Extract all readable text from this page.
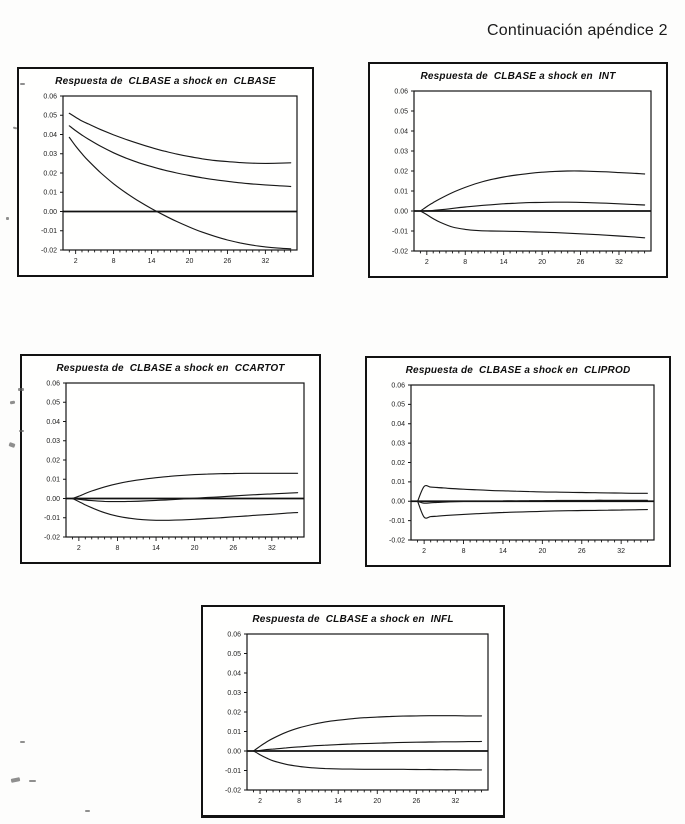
Continuación apéndice 2
Respuesta de  CLBASE a shock en  CLBASE
-0.02
-0.01
0.00
0.01
0.02
0.03
0.04
0.05
0.06
2	8	14	20	26	32
Respuesta de  CLBASE a shock en  INT
-0.02
-0.01
0.00
0.01
0.02
0.03
0.04
0.05
0.06
2	8	14	20	26	32
Respuesta de  CLBASE a shock en  CCARTOT
-0.02
-0.01
0.00
0.01
0.02
0.03
0.04
0.05
0.06
2	8	14	20	26	32
Respuesta de  CLBASE a shock en  CLIPROD
-0.02
-0.01
0.00
0.01
0.02
0.03
0.04
0.05
0.06
2	8	14	20	26	32
Respuesta de  CLBASE a shock en  INFL
-0.02
-0.01
0.00
0.01
0.02
0.03
0.04
0.05
0.06
2	8	14	20	26	32
